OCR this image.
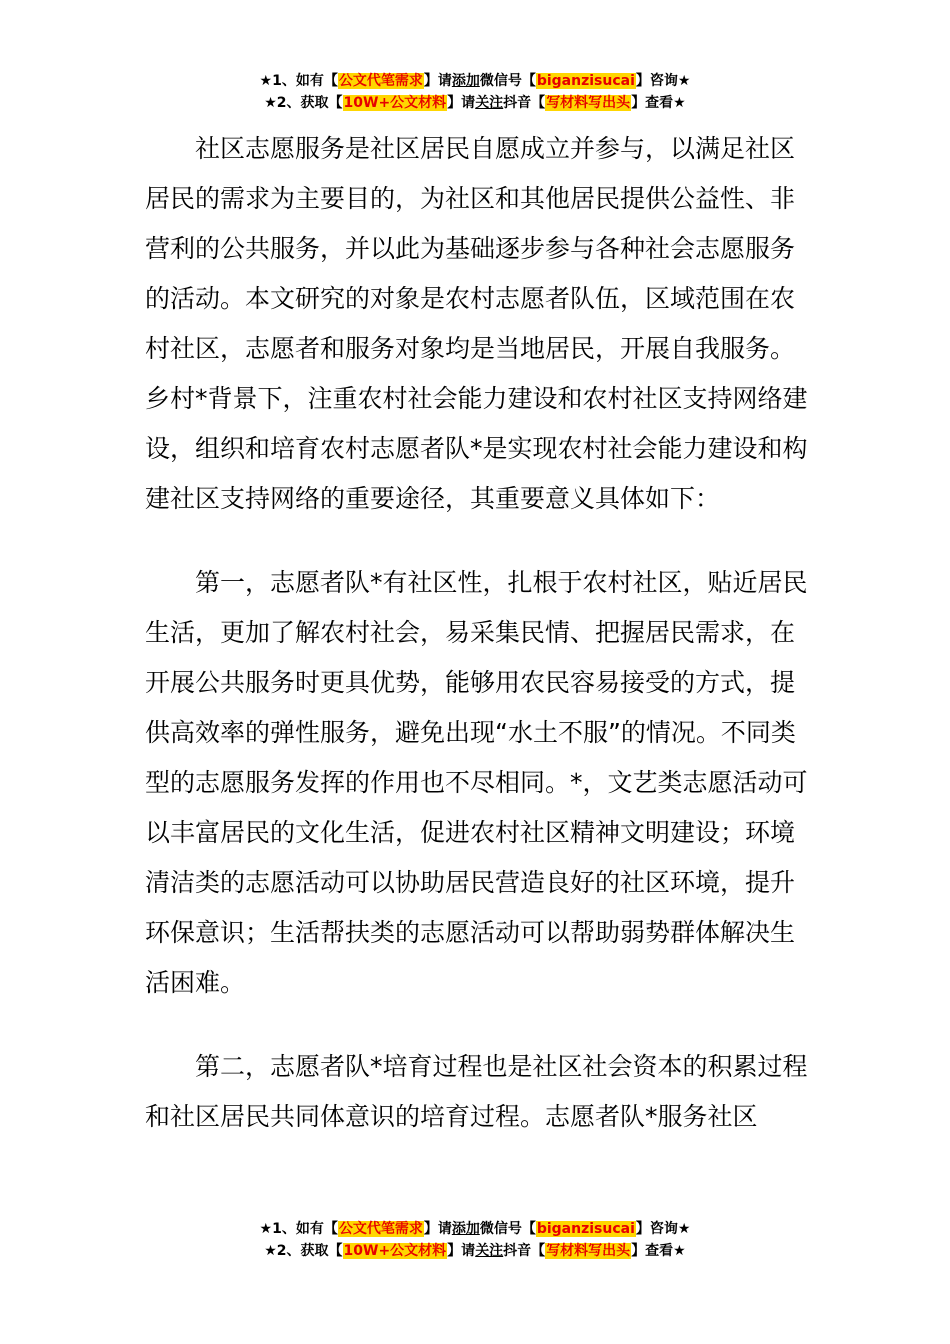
★1、如有【公文代笔需求】请添加微信号【biganzisucai】咨询★
★2、获取【10W+公文材料】请关注抖音【写材料写出头】查看★

社区志愿服务是社区居民自愿成立并参与，以满足社区居民的需求为主要目的，为社区和其他居民提供公益性、非营利的公共服务，并以此为基础逐步参与各种社会志愿服务的活动。本文研究的对象是农村志愿者队伍，区域范围在农村社区，志愿者和服务对象均是当地居民，开展自我服务。乡村*背景下，注重农村社会能力建设和农村社区支持网络建设，组织和培育农村志愿者队*是实现农村社会能力建设和构建社区支持网络的重要途径，其重要意义具体如下：

第一，志愿者队*有社区性，扎根于农村社区，贴近居民生活，更加了解农村社会，易采集民情、把握居民需求，在开展公共服务时更具优势，能够用农民容易接受的方式，提供高效率的弹性服务，避免出现“水土不服”的情况。不同类型的志愿服务发挥的作用也不尽相同。*，文艺类志愿活动可以丰富居民的文化生活，促进农村社区精神文明建设；环境清洁类的志愿活动可以协助居民营造良好的社区环境，提升环保意识；生活帮扶类的志愿活动可以帮助弱势群体解决生活困难。

第二，志愿者队*培育过程也是社区社会资本的积累过程和社区居民共同体意识的培育过程。志愿者队*服务社区

★1、如有【公文代笔需求】请添加微信号【biganzisucai】咨询★
★2、获取【10W+公文材料】请关注抖音【写材料写出头】查看★
